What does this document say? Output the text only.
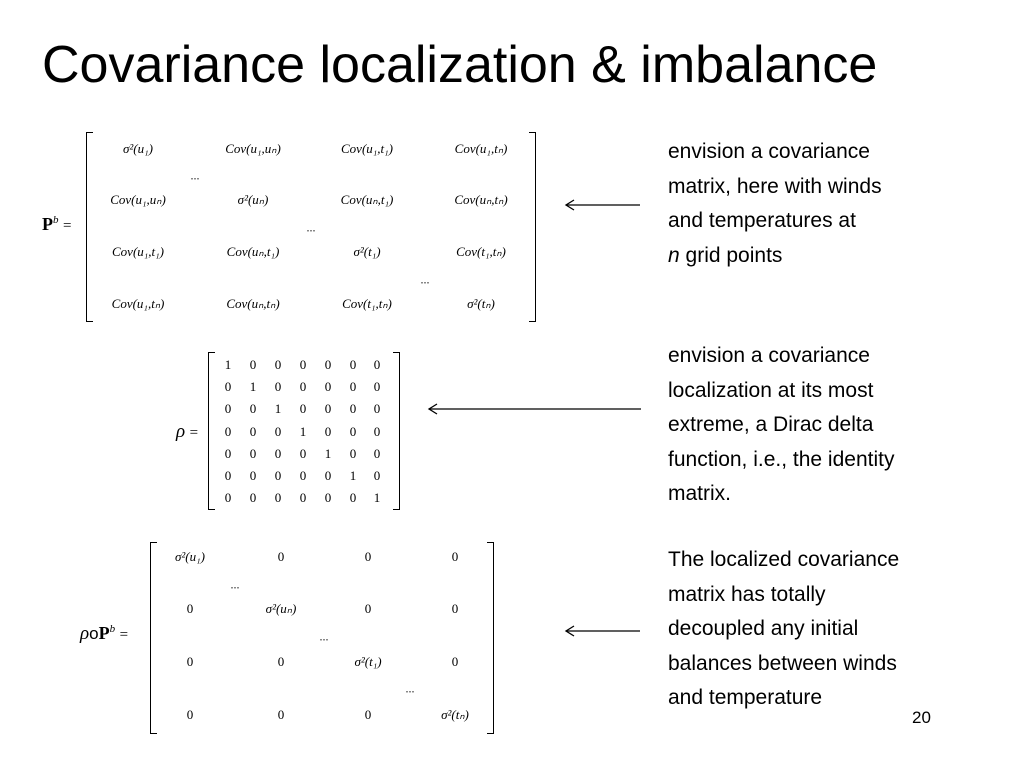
Covariance localization & imbalance
$P^b$ =
σ²(u₁)	Cov(u₁,uₙ)	Cov(u₁,t₁)	Cov(u₁,tₙ)
Cov(u₁,uₙ)	σ²(uₙ)	Cov(uₙ,t₁)	Cov(uₙ,tₙ)
Cov(u₁,t₁)	Cov(uₙ,t₁)	σ²(t₁)	Cov(t₁,tₙ)
Cov(u₁,tₙ)	Cov(uₙ,tₙ)	Cov(t₁,tₙ)	σ²(tₙ)
...
...
...
envision a covariance
matrix, here with winds
and temperatures at
n grid points
ρ =
1 0 0 0 0 0 0
0 1 0 0 0 0 0
0 0 1 0 0 0 0
0 0 0 1 0 0 0
0 0 0 0 1 0 0
0 0 0 0 0 1 0
0 0 0 0 0 0 1
envision a covariance
localization at its most
extreme, a Dirac delta
function, i.e., the identity
matrix.
ρoP$^b$ =
σ²(u₁)	0	0	0
0	σ²(uₙ)	0	0
0	0	σ²(t₁)	0
0	0	0	σ²(tₙ)
...
...
...
The localized covariance
matrix has totally
decoupled any initial
balances between winds
and temperature
20
